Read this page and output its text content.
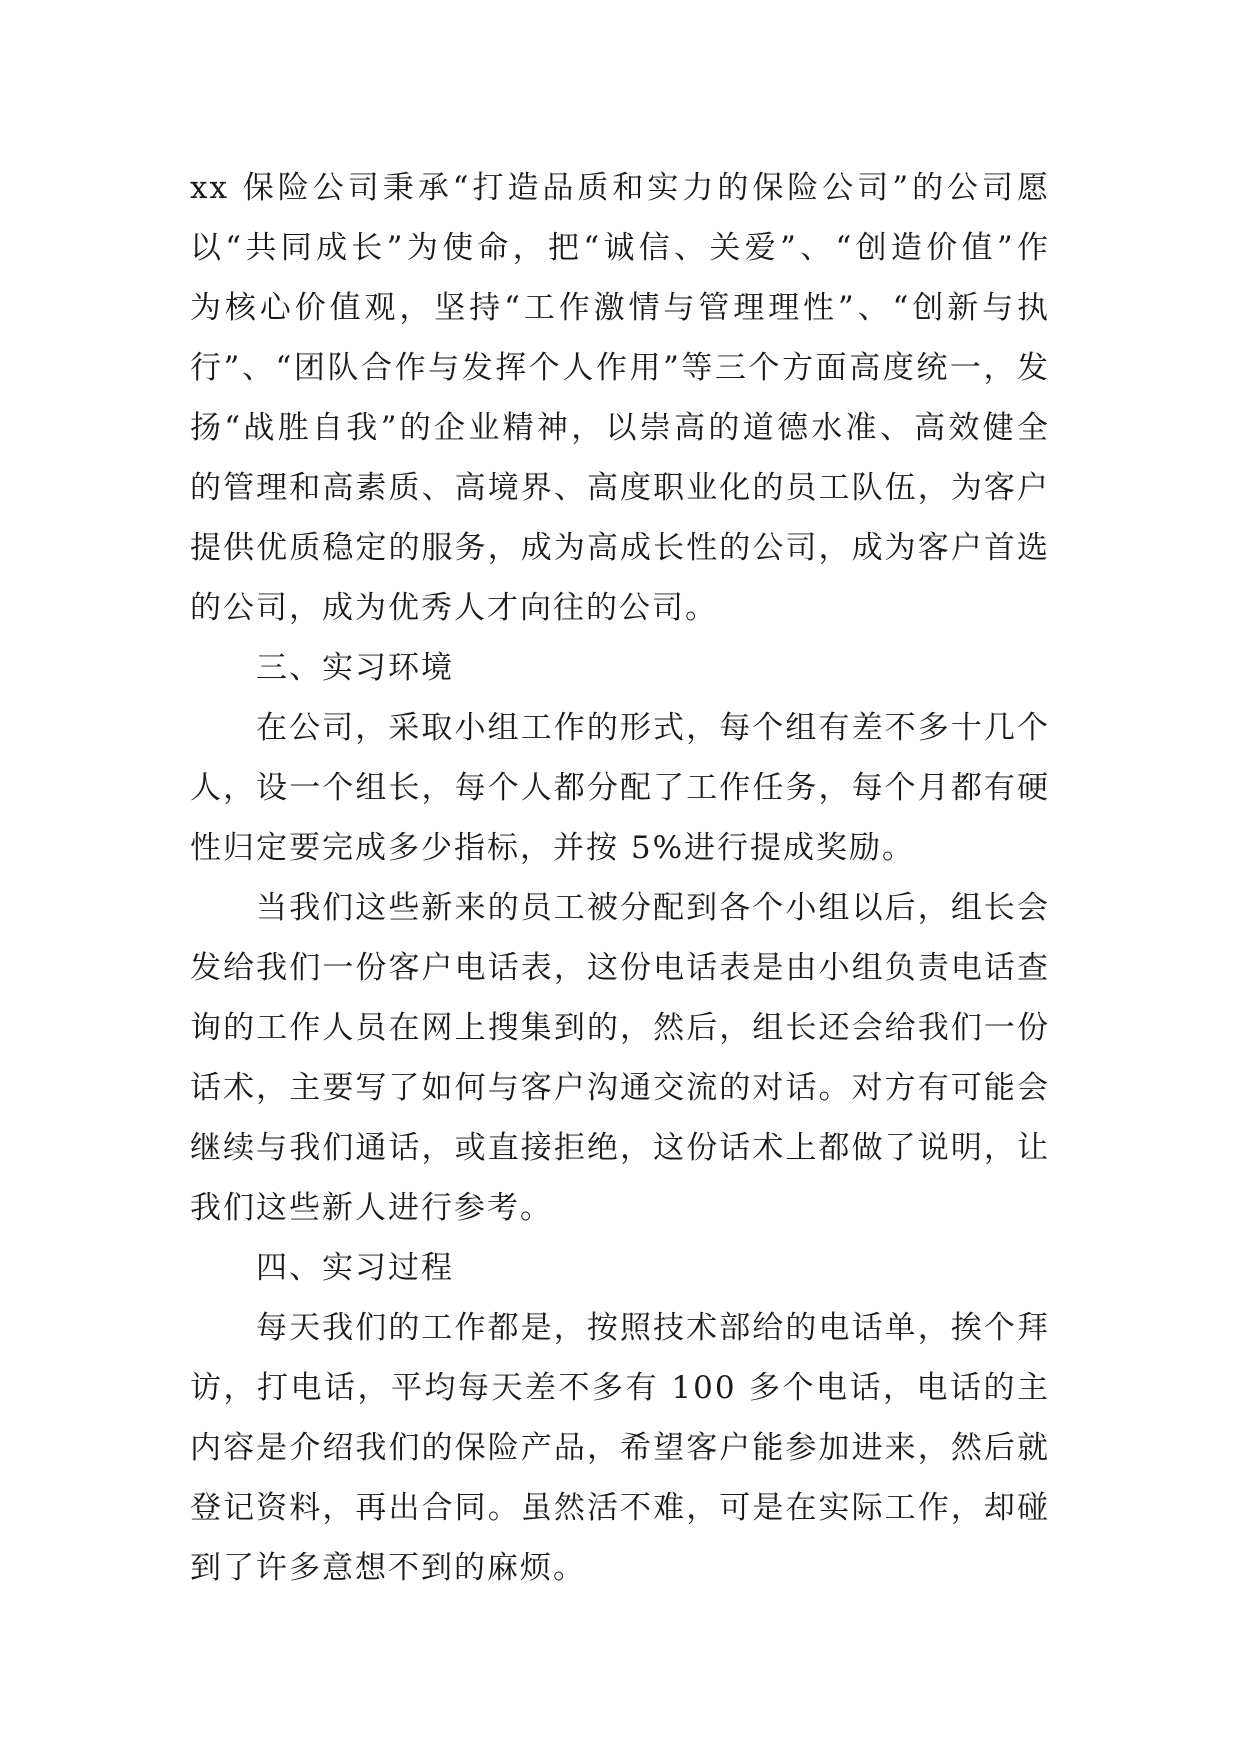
xx 保险公司秉承“打造品质和实力的保险公司”的公司愿
以“共同成长”为使命，把“诚信、关爱”、“创造价值”作
为核心价值观，坚持“工作激情与管理理性”、“创新与执
行”、“团队合作与发挥个人作用”等三个方面高度统一，发
扬“战胜自我”的企业精神，以崇高的道德水准、高效健全
的管理和高素质、高境界、高度职业化的员工队伍，为客户
提供优质稳定的服务，成为高成长性的公司，成为客户首选
的公司，成为优秀人才向往的公司。
三、实习环境
在公司，采取小组工作的形式，每个组有差不多十几个
人，设一个组长，每个人都分配了工作任务，每个月都有硬
性归定要完成多少指标，并按 5%进行提成奖励。
当我们这些新来的员工被分配到各个小组以后，组长会
发给我们一份客户电话表，这份电话表是由小组负责电话查
询的工作人员在网上搜集到的，然后，组长还会给我们一份
话术，主要写了如何与客户沟通交流的对话。对方有可能会
继续与我们通话，或直接拒绝，这份话术上都做了说明，让
我们这些新人进行参考。
四、实习过程
每天我们的工作都是，按照技术部给的电话单，挨个拜
访，打电话，平均每天差不多有 100 多个电话，电话的主
内容是介绍我们的保险产品，希望客户能参加进来，然后就
登记资料，再出合同。虽然活不难，可是在实际工作，却碰
到了许多意想不到的麻烦。
